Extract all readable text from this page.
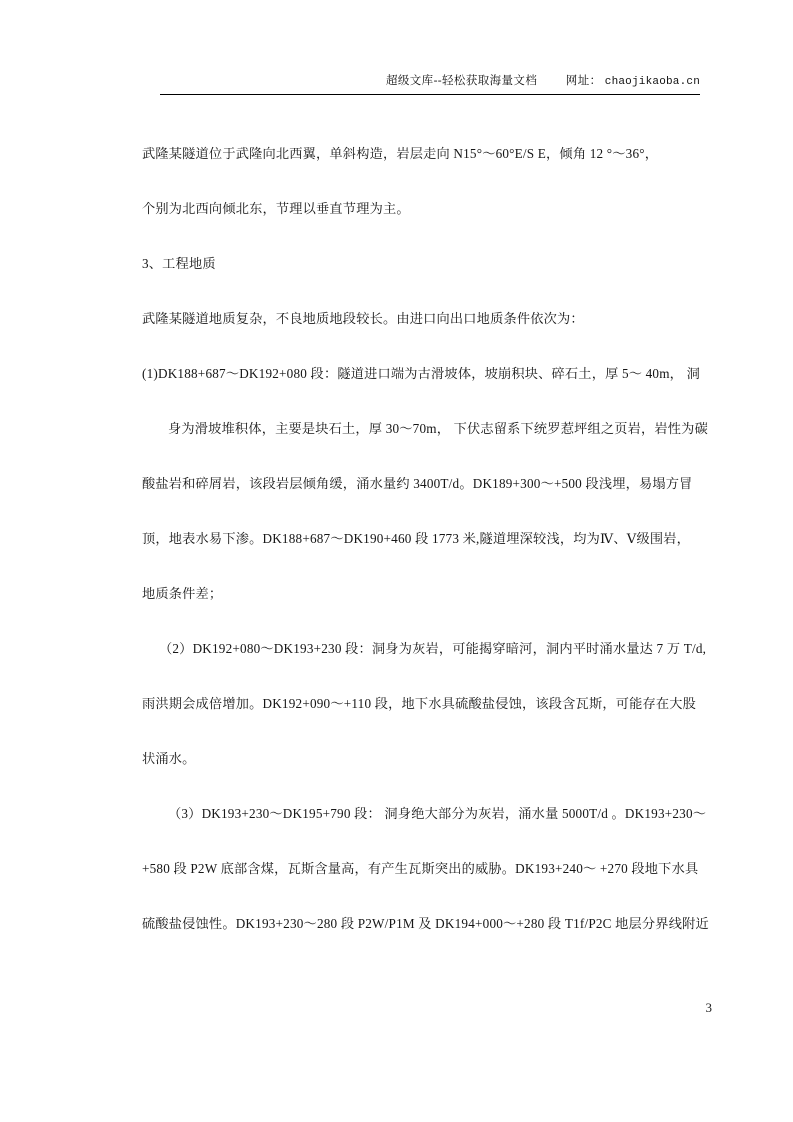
超级文库--轻松获取海量文档 网址： chaojikaoba.cn
武隆某隧道位于武隆向北西翼，单斜构造，岩层走向 N15°～60°E/S E，倾角 12 °～36°，
个别为北西向倾北东，节理以垂直节理为主。
3、工程地质
武隆某隧道地质复杂，不良地质地段较长。由进口向出口地质条件依次为：
(1)DK188+687～DK192+080 段：隧道进口端为古滑坡体，坡崩积块、碎石土，厚 5～ 40m， 洞
身为滑坡堆积体，主要是块石土，厚 30～70m， 下伏志留系下统罗惹坪组之页岩，岩性为碳
酸盐岩和碎屑岩，该段岩层倾角缓，涌水量约 3400T/d。DK189+300～+500 段浅埋，易塌方冒
顶，地表水易下渗。DK188+687～DK190+460 段 1773 米,隧道埋深较浅，均为Ⅳ、Ⅴ级围岩，
地质条件差；
（2）DK192+080～DK193+230 段：洞身为灰岩，可能揭穿暗河，洞内平时涌水量达 7 万 T/d,
雨洪期会成倍增加。DK192+090～+110 段，地下水具硫酸盐侵蚀，该段含瓦斯，可能存在大股
状涌水。
（3）DK193+230～DK195+790 段： 洞身绝大部分为灰岩，涌水量 5000T/d 。DK193+230～
+580 段 P2W 底部含煤，瓦斯含量高，有产生瓦斯突出的威胁。DK193+240～ +270 段地下水具
硫酸盐侵蚀性。DK193+230～280 段 P2W/P1M 及 DK194+000～+280 段 T1f/P2C 地层分界线附近
3
